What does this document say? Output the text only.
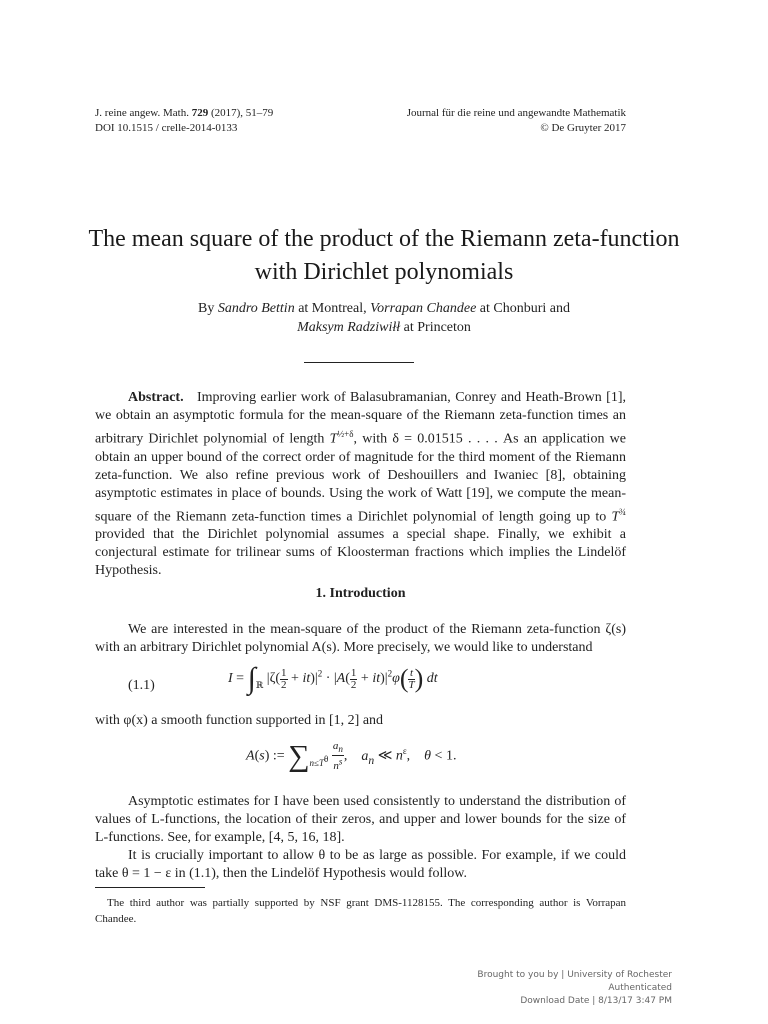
J. reine angew. Math. 729 (2017), 51–79
DOI 10.1515 / crelle-2014-0133
Journal für die reine und angewandte Mathematik
© De Gruyter 2017
The mean square of the product of the Riemann zeta-function with Dirichlet polynomials
By Sandro Bettin at Montreal, Vorrapan Chandee at Chonburi and
Maksym Radziwiłł at Princeton
Abstract. Improving earlier work of Balasubramanian, Conrey and Heath-Brown [1], we obtain an asymptotic formula for the mean-square of the Riemann zeta-function times an arbitrary Dirichlet polynomial of length $T^{\frac{1}{2}+\delta}$, with δ = 0.01515 . . . . As an application we obtain an upper bound of the correct order of magnitude for the third moment of the Riemann zeta-function. We also refine previous work of Deshouillers and Iwaniec [8], obtaining asymptotic estimates in place of bounds. Using the work of Watt [19], we compute the mean-square of the Riemann zeta-function times a Dirichlet polynomial of length going up to $T^{\frac{3}{4}}$ provided that the Dirichlet polynomial assumes a special shape. Finally, we exhibit a conjectural estimate for trilinear sums of Kloosterman fractions which implies the Lindelöf Hypothesis.
1. Introduction
We are interested in the mean-square of the product of the Riemann zeta-function ζ(s) with an arbitrary Dirichlet polynomial A(s). More precisely, we would like to understand
(1.1)	$I = \int_ℝ$ $|\zeta( \frac{1}{2} + it)|^2 \cdot |A( \frac{1}{2} + it)|^2\varphi( \frac{t}{T}$ ) dt
with φ(x) a smooth function supported in [1, 2] and
A(s) := $\sum_{n\le T^\theta} \frac{a_n}{n^s}$ ,    $a_n$ ≪ $n^\varepsilon$,    θ < 1.
Asymptotic estimates for I have been used consistently to understand the distribution of values of L-functions, the location of their zeros, and upper and lower bounds for the size of L-functions. See, for example, [4, 5, 16, 18].
It is crucially important to allow θ to be as large as possible. For example, if we could take θ = 1 − ε in (1.1), then the Lindelöf Hypothesis would follow.
The third author was partially supported by NSF grant DMS-1128155. The corresponding author is Vorrapan Chandee.
Brought to you by | University of Rochester
Authenticated
Download Date | 8/13/17 3:47 PM
